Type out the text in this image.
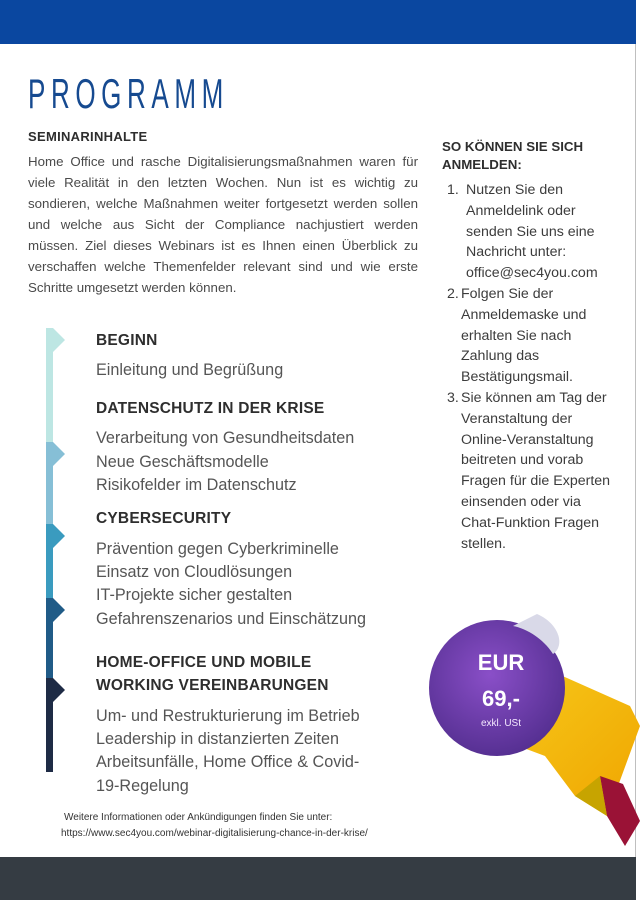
PROGRAMM
SEMINARINHALTE
Home Office und rasche Digitalisierungsmaßnahmen waren für viele Realität in den letzten Wochen. Nun ist es wichtig zu sondieren, welche Maßnahmen weiter fortgesetzt werden sollen und welche aus Sicht der Compliance nachjustiert werden müssen. Ziel dieses Webinars ist es Ihnen einen Überblick zu verschaffen welche Themenfelder relevant sind und wie erste Schritte umgesetzt werden können.
BEGINN
Einleitung und Begrüßung
DATENSCHUTZ IN DER KRISE
Verarbeitung von Gesundheitsdaten
Neue Geschäftsmodelle
Risikofelder im Datenschutz
CYBERSECURITY
Prävention gegen Cyberkriminelle
Einsatz von Cloudlösungen
IT-Projekte sicher gestalten
Gefahrenszenarios und Einschätzung
HOME-OFFICE UND MOBILE
WORKING VEREINBARUNGEN
Um- und Restrukturierung im Betrieb
Leadership in distanzierten Zeiten
Arbeitsunfälle, Home Office & Covid-
19-Regelung
SO KÖNNEN SIE SICH ANMELDEN:
1. Nutzen Sie den Anmeldelink oder senden Sie uns eine Nachricht unter: office@sec4you.com
2. Folgen Sie der Anmeldemaske und erhalten Sie nach Zahlung das Bestätigungsmail.
3. Sie können am Tag der Veranstaltung der Online-Veranstaltung beitreten und vorab Fragen für die Experten einsenden oder via Chat-Funktion Fragen stellen.
EUR
69,-
exkl. USt
Weitere Informationen oder Ankündigungen finden Sie unter:
https://www.sec4you.com/webinar-digitalisierung-chance-in-der-krise/
